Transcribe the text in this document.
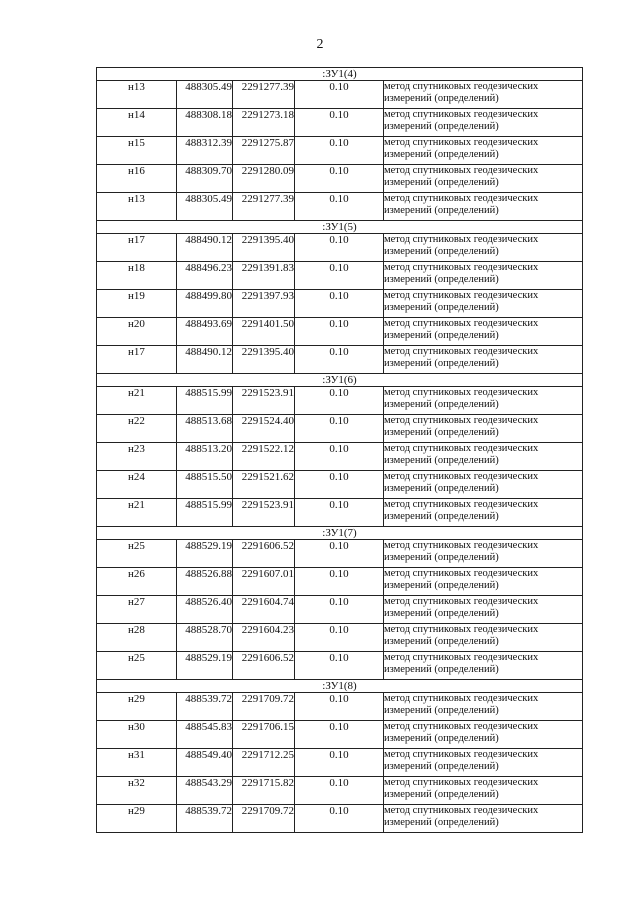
2
:ЗУ1(4)				
н13	488305.49	2291277.39	0.10	метод спутниковых геодезических
измерений (определений)

н14	488308.18	2291273.18	0.10	метод спутниковых геодезических
измерений (определений)

н15	488312.39	2291275.87	0.10	метод спутниковых геодезических
измерений (определений)

н16	488309.70	2291280.09	0.10	метод спутниковых геодезических
измерений (определений)

н13	488305.49	2291277.39	0.10	метод спутниковых геодезических
измерений (определений)

:ЗУ1(5)				
н17	488490.12	2291395.40	0.10	метод спутниковых геодезических
измерений (определений)

н18	488496.23	2291391.83	0.10	метод спутниковых геодезических
измерений (определений)

н19	488499.80	2291397.93	0.10	метод спутниковых геодезических
измерений (определений)

н20	488493.69	2291401.50	0.10	метод спутниковых геодезических
измерений (определений)

н17	488490.12	2291395.40	0.10	метод спутниковых геодезических
измерений (определений)

:ЗУ1(6)				
н21	488515.99	2291523.91	0.10	метод спутниковых геодезических
измерений (определений)

н22	488513.68	2291524.40	0.10	метод спутниковых геодезических
измерений (определений)

н23	488513.20	2291522.12	0.10	метод спутниковых геодезических
измерений (определений)

н24	488515.50	2291521.62	0.10	метод спутниковых геодезических
измерений (определений)

н21	488515.99	2291523.91	0.10	метод спутниковых геодезических
измерений (определений)

:ЗУ1(7)				
н25	488529.19	2291606.52	0.10	метод спутниковых геодезических
измерений (определений)

н26	488526.88	2291607.01	0.10	метод спутниковых геодезических
измерений (определений)

н27	488526.40	2291604.74	0.10	метод спутниковых геодезических
измерений (определений)

н28	488528.70	2291604.23	0.10	метод спутниковых геодезических
измерений (определений)

н25	488529.19	2291606.52	0.10	метод спутниковых геодезических
измерений (определений)

:ЗУ1(8)				
н29	488539.72	2291709.72	0.10	метод спутниковых геодезических
измерений (определений)

н30	488545.83	2291706.15	0.10	метод спутниковых геодезических
измерений (определений)

н31	488549.40	2291712.25	0.10	метод спутниковых геодезических
измерений (определений)

н32	488543.29	2291715.82	0.10	метод спутниковых геодезических
измерений (определений)

н29	488539.72	2291709.72	0.10	метод спутниковых геодезических
измерений (определений)
